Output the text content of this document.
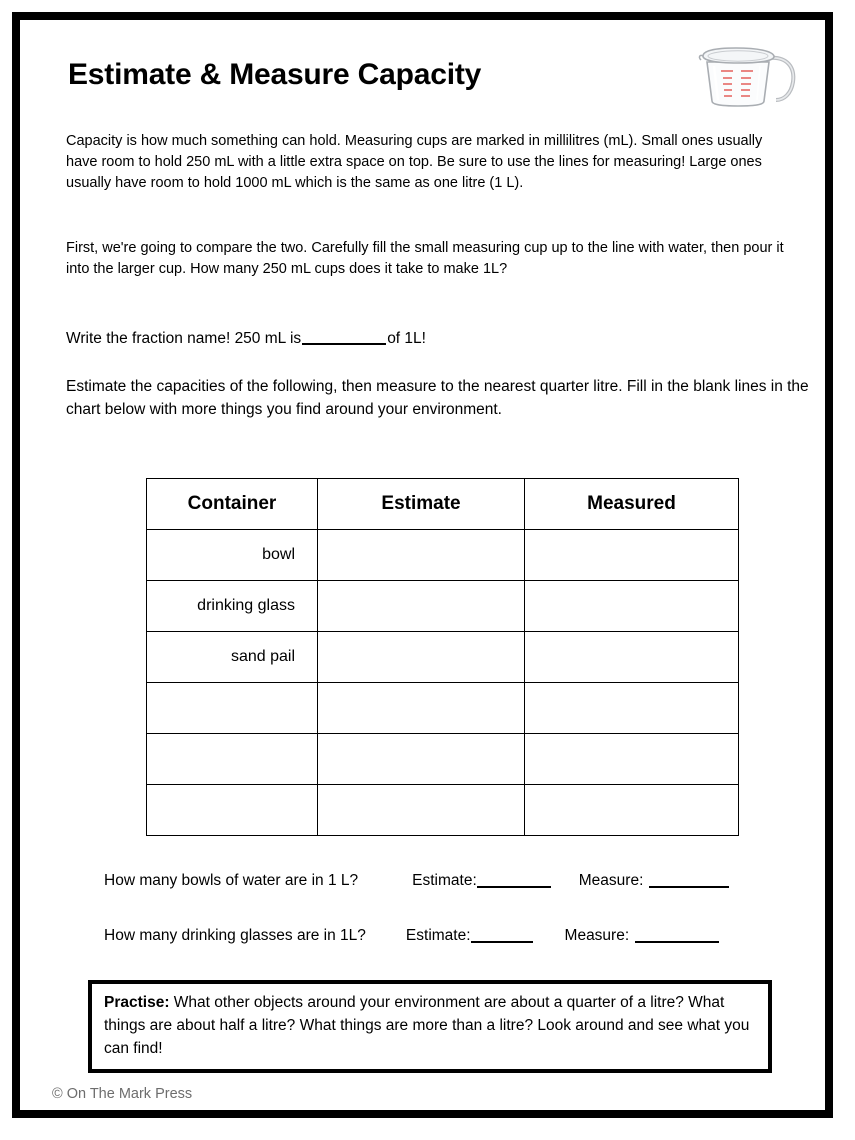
Estimate & Measure Capacity
Capacity is how much something can hold. Measuring cups are marked in millilitres (mL). Small ones usually have room to hold 250 mL with a little extra space on top. Be sure to use the lines for measuring! Large ones usually have room to hold 1000 mL which is the same as one litre (1 L).
First, we're going to compare the two. Carefully fill the small measuring cup up to the line with water, then pour it into the larger cup. How many 250 mL cups does it take to make 1L?
Write the fraction name! 250 mL is	of 1L!
Estimate the capacities of the following, then measure to the nearest quarter litre. Fill in the blank lines in the chart below with more things you find around your environment.
Container	Estimate	Measured
bowl		
drinking glass		
sand pail		

How many bowls of water are in 1 L?	Estimate:	Measure:
How many drinking glasses are in 1L?	Estimate:	Measure:
Practise: What other objects around your environment are about a quarter of a litre? What things are about half a litre? What things are more than a litre? Look around and see what you can find!
© On The Mark Press
